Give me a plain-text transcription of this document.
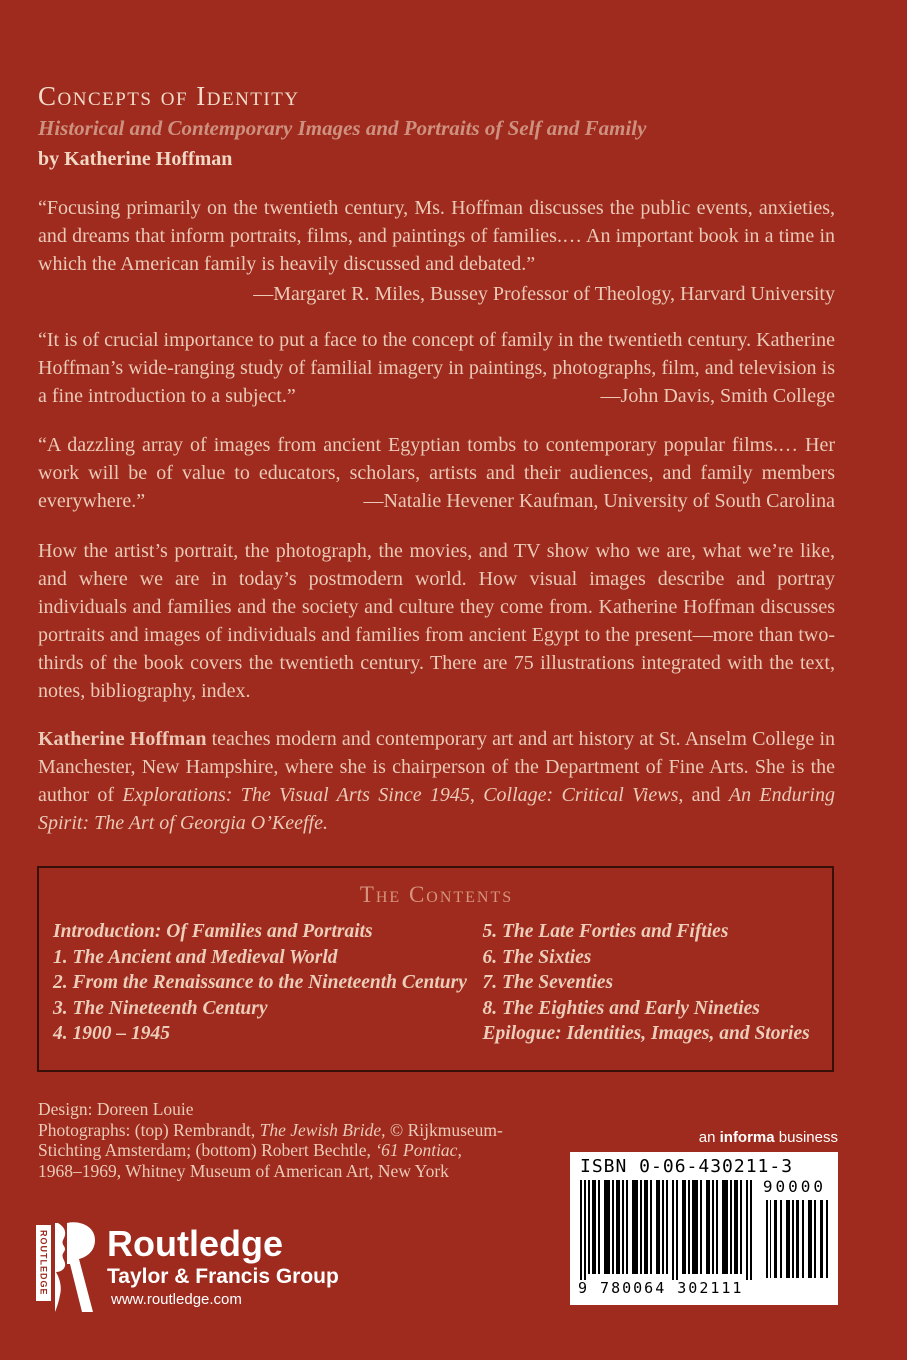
Concepts of Identity
Historical and Contemporary Images and Portraits of Self and Family
by Katherine Hoffman

“Focusing primarily on the twentieth century, Ms. Hoffman discusses the public events, anxieties, and dreams that inform portraits, films, and paintings of families.… An important book in a time in which the American family is heavily discussed and debated.”

—Margaret R. Miles, Bussey Professor of Theology, Harvard University

“It is of crucial importance to put a face to the concept of family in the twentieth century. Katherine Hoffman’s wide-ranging study of familial imagery in paintings, photographs, film, and television is a fine introduction to a subject.”	—John Davis, Smith College

“A dazzling array of images from ancient Egyptian tombs to contemporary popular films.… Her work will be of value to educators, scholars, artists and their audiences, and family members everywhere.”	—Natalie Hevener Kaufman, University of South Carolina

How the artist’s portrait, the photograph, the movies, and TV show who we are, what we’re like, and where we are in today’s postmodern world. How visual images describe and portray individuals and families and the society and culture they come from. Katherine Hoffman discusses portraits and images of individuals and families from ancient Egypt to the present—more than two-thirds of the book covers the twentieth century. There are 75 illustrations integrated with the text, notes, bibliography, index.
Katherine Hoffman teaches modern and contemporary art and art history at St. Anselm College in Manchester, New Hampshire, where she is chairperson of the Department of Fine Arts. She is the author of Explorations: The Visual Arts Since 1945, Collage: Critical Views, and An Enduring Spirit: The Art of Georgia O’Keeffe.
The Contents
Introduction: Of Families and Portraits
1. The Ancient and Medieval World
2. From the Renaissance to the Nineteenth Century
3. The Nineteenth Century
4. 1900 – 1945
5. The Late Forties and Fifties
6. The Sixties
7. The Seventies
8. The Eighties and Early Nineties
Epilogue: Identities, Images, and Stories
Design: Doreen Louie
Photographs: (top) Rembrandt, The Jewish Bride, © Rijkmuseum-
Stichting Amsterdam; (bottom) Robert Bechtle, ‘61 Pontiac,
1968–1969, Whitney Museum of American Art, New York
an informa business
ISBN 0-06-430211-3
90000
9 780064 302111
ROUTLEDGE Routledge
Taylor & Francis Group
www.routledge.com
